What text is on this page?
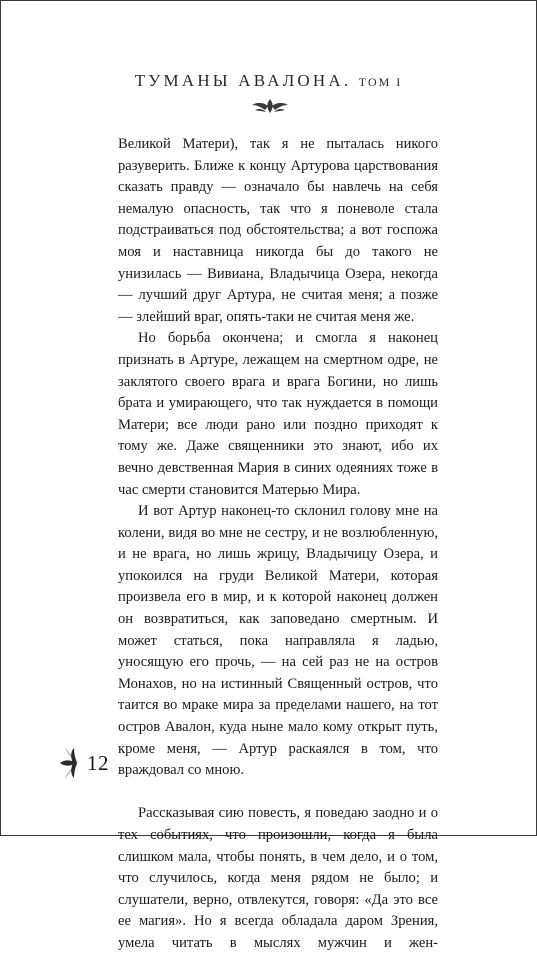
ТУМАНЫ АВАЛОНА. ТОМ I

Великой Матери), так я не пыталась никого разуверить. Ближе к концу Артурова царствования сказать правду — означало бы навлечь на себя немалую опасность, так что я поневоле стала подстраиваться под обстоятельства; а вот госпожа моя и наставница никогда бы до такого не унизилась — Вивиана, Владычица Озера, некогда — лучший друг Артура, не считая меня; а позже — злейший враг, опять-таки не считая меня же.

Но борьба окончена; и смогла я наконец признать в Артуре, лежащем на смертном одре, не заклятого своего врага и врага Богини, но лишь брата и умирающего, что так нуждается в помощи Матери; все люди рано или поздно приходят к тому же. Даже священники это знают, ибо их вечно девственная Мария в синих одеяниях тоже в час смерти становится Матерью Мира.

И вот Артур наконец-то склонил голову мне на колени, видя во мне не сестру, и не возлюбленную, и не врага, но лишь жрицу, Владычицу Озера, и упокоился на груди Великой Матери, которая произвела его в мир, и к которой наконец должен он возвратиться, как заповедано смертным. И может статься, пока направляла я ладью, уносящую его прочь, — на сей раз не на остров Монахов, но на истинный Священный остров, что таится во мраке мира за пределами нашего, на тот остров Авалон, куда ныне мало кому открыт путь, кроме меня, — Артур раскаялся в том, что враждовал со мною.

Рассказывая сию повесть, я поведаю заодно и о тех событиях, что произошли, когда я была слишком мала, чтобы понять, в чем дело, и о том, что случилось, когда меня рядом не было; и слушатели, верно, отвлекутся, говоря: «Да это все ее магия». Но я всегда обладала даром Зрения, умела читать в мыслях мужчин и жен-

12
